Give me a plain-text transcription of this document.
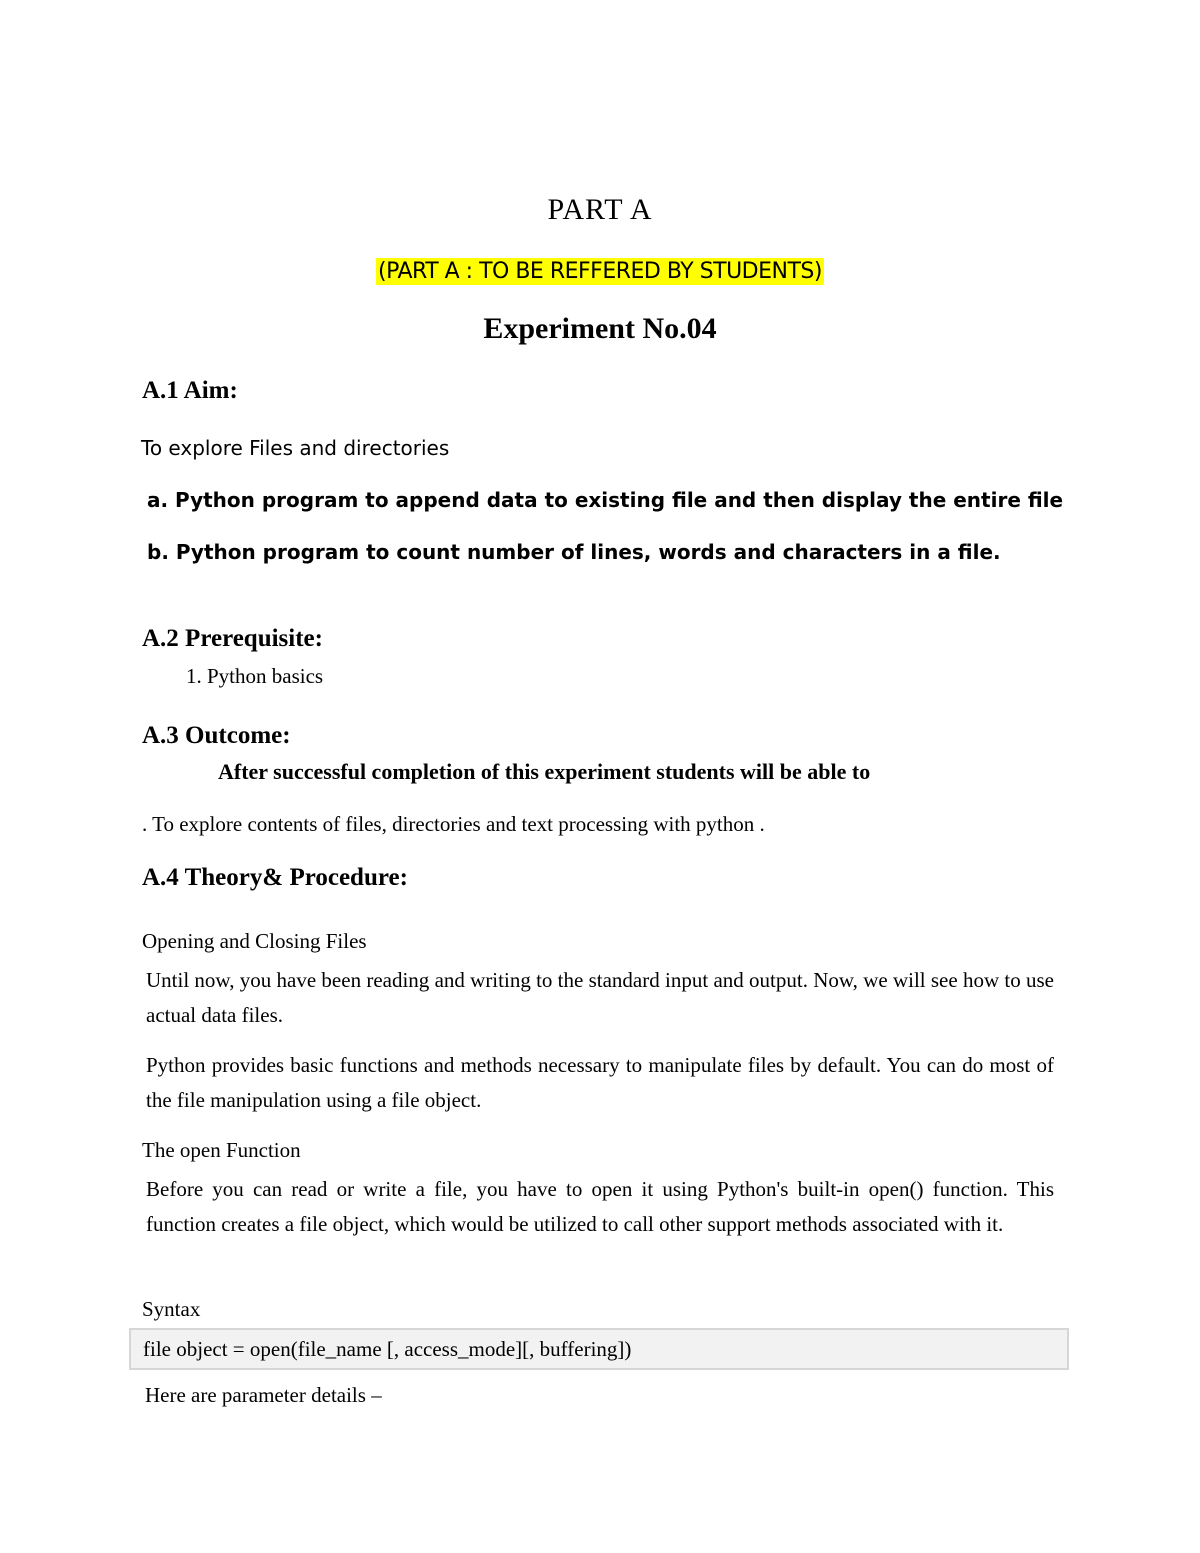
PART A
(PART A : TO BE REFFERED BY STUDENTS)
Experiment No.04
A.1 Aim:
To explore Files and directories
a. Python program to append data to existing file and then display the entire file
b. Python program to count number of lines, words and characters in a file.
A.2 Prerequisite:
1. Python basics
A.3 Outcome:
After successful completion of this experiment students will be able to
. To explore contents of files, directories and text processing with python .
A.4 Theory& Procedure:
Opening and Closing Files
Until now, you have been reading and writing to the standard input and output. Now, we will see how to use actual data files.
Python provides basic functions and methods necessary to manipulate files by default. You can do most of the file manipulation using a file object.
The open Function
Before you can read or write a file, you have to open it using Python's built-in open() function. This function creates a file object, which would be utilized to call other support methods associated with it.
Syntax
file object = open(file_name [, access_mode][, buffering])
Here are parameter details –
